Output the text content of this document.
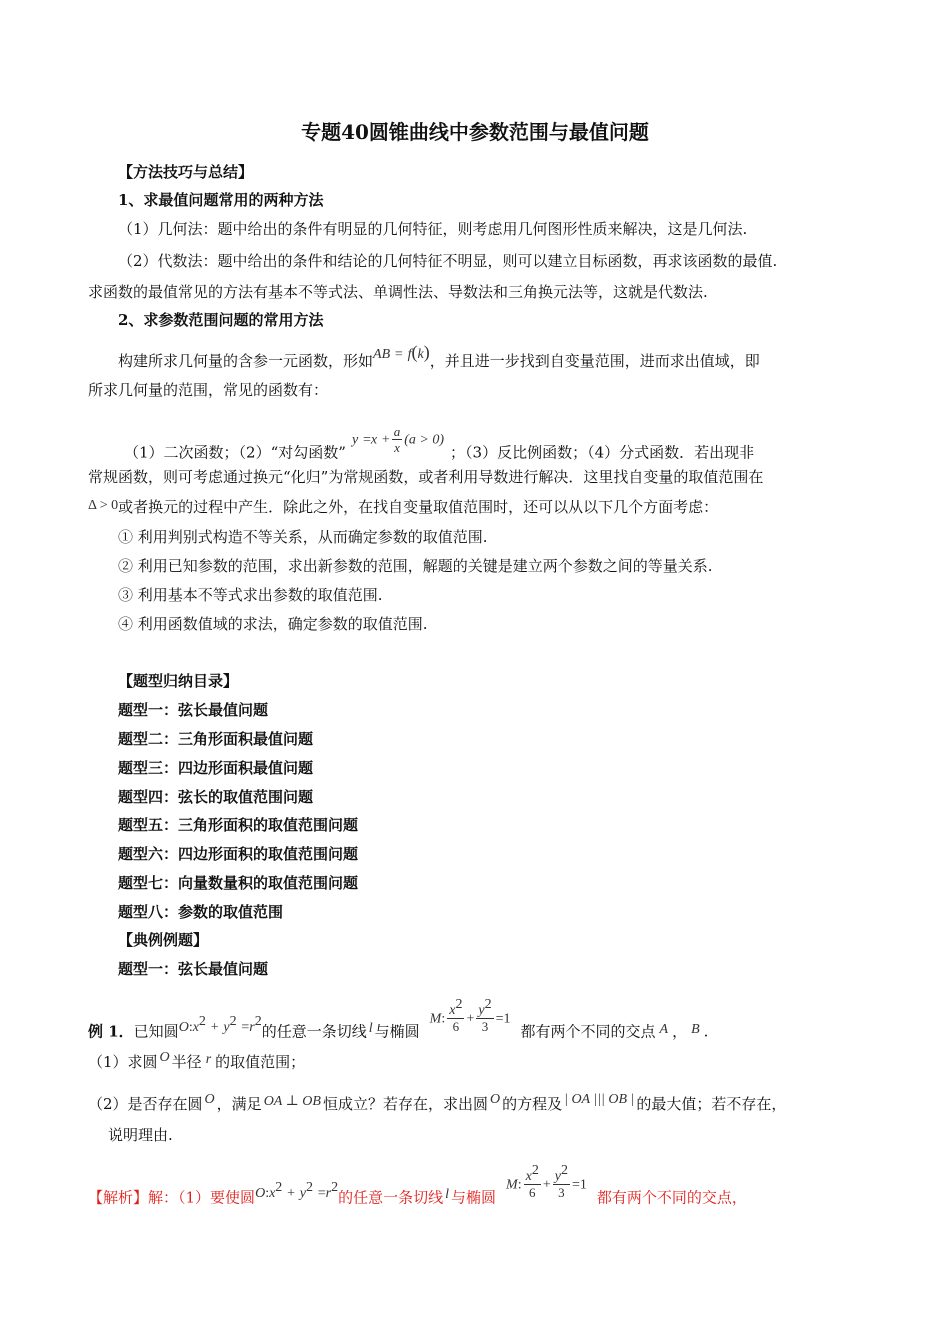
专题40圆锥曲线中参数范围与最值问题
【方法技巧与总结】
1、求最值问题常用的两种方法
（1）几何法：题中给出的条件有明显的几何特征，则考虑用几何图形性质来解决，这是几何法.
（2）代数法：题中给出的条件和结论的几何特征不明显，则可以建立目标函数，再求该函数的最值.
求函数的最值常见的方法有基本不等式法、单调性法、导数法和三角换元法等，这就是代数法.
2、求参数范围问题的常用方法
构建所求几何量的含参一元函数，形如AB = f(k)，并且进一步找到自变量范围，进而求出值域，即
所求几何量的范围，常见的函数有：
（1）二次函数；（2）“对勾函数”y $=x + \frac{a}{x} (a > 0)$；（3）反比例函数；（4）分式函数．若出现非
常规函数，则可考虑通过换元“化归”为常规函数，或者利用导数进行解决．这里找自变量的取值范围在
Δ > 0或者换元的过程中产生．除此之外，在找自变量取值范围时，还可以从以下几个方面考虑：
① 利用判别式构造不等关系，从而确定参数的取值范围.
② 利用已知参数的范围，求出新参数的范围，解题的关键是建立两个参数之间的等量关系.
③ 利用基本不等式求出参数的取值范围.
④ 利用函数值域的求法，确定参数的取值范围.
【题型归纳目录】
题型一：弦长最值问题
题型二：三角形面积最值问题
题型三：四边形面积最值问题
题型四：弦长的取值范围问题
题型五：三角形面积的取值范围问题
题型六：四边形面积的取值范围问题
题型七：向量数量积的取值范围问题
题型八：参数的取值范围
【典例例题】
题型一：弦长最值问题
例 1．已知圆$O:x^2 + y^2 =r^2$的任意一条切线 l 与椭圆M: $\frac{x^2}{6} + \frac{y^2}{3} =1$都有两个不同的交点 A ， B .
（1）求圆 O 半径 r 的取值范围；
（2）是否存在圆 O ，满足 OA ⊥ OB 恒成立？若存在，求出圆 O 的方程及 | OA ||| OB | 的最大值；若不存在，
说明理由.
【解析】解：（1）要使圆$O:x^2 + y^2 =r^2$的任意一条切线 l 与椭圆M: $\frac{x^2}{6} + \frac{y^2}{3} =1$都有两个不同的交点，
